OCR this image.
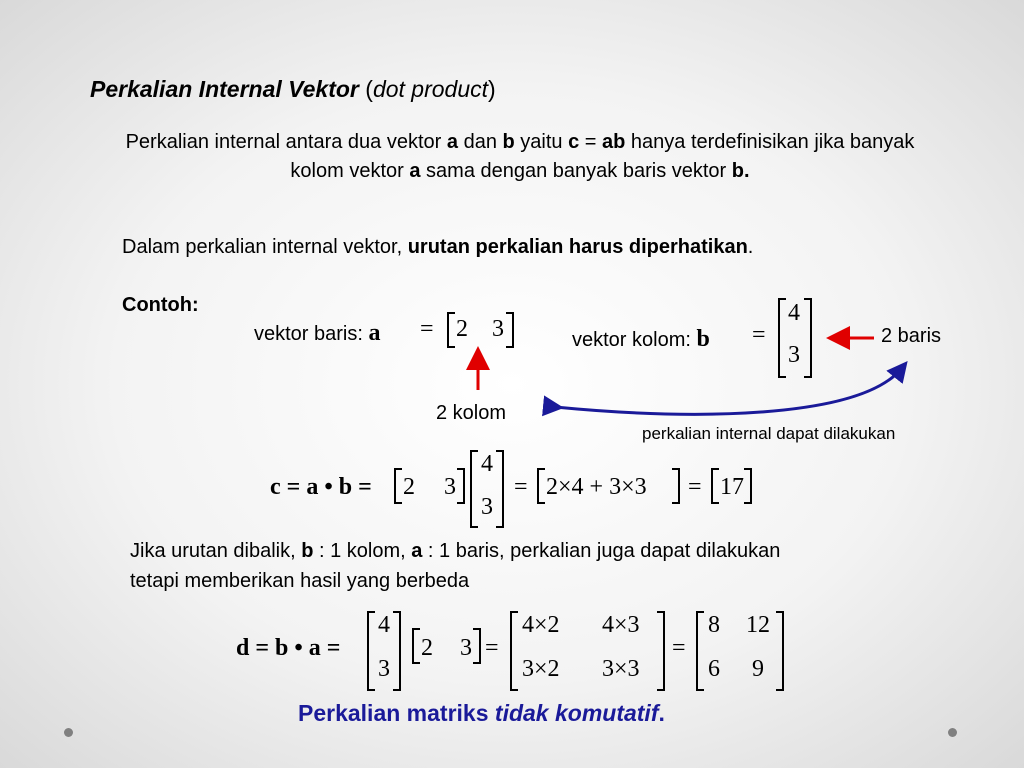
Perkalian Internal Vektor (dot product)
Perkalian internal antara dua vektor a dan b yaitu c = ab hanya terdefinisikan jika banyak kolom vektor a sama dengan banyak baris vektor b.
Dalam perkalian internal vektor, urutan perkalian harus diperhatikan.
Contoh:
vektor baris: a = 2 3	vektor kolom: b =
4
3
2 baris
2 kolom
perkalian internal dapat dilakukan
c = a • b = 2 3
4
3
= 2×4 + 3×3 = 17
Jika urutan dibalik, b : 1 kolom, a : 1 baris, perkalian juga dapat dilakukan
tetapi memberikan hasil yang berbeda
d = b • a =
4
3
2 3 =
4×2 4×3
3×2 3×3
=
8 12
6 9
Perkalian matriks tidak komutatif.
